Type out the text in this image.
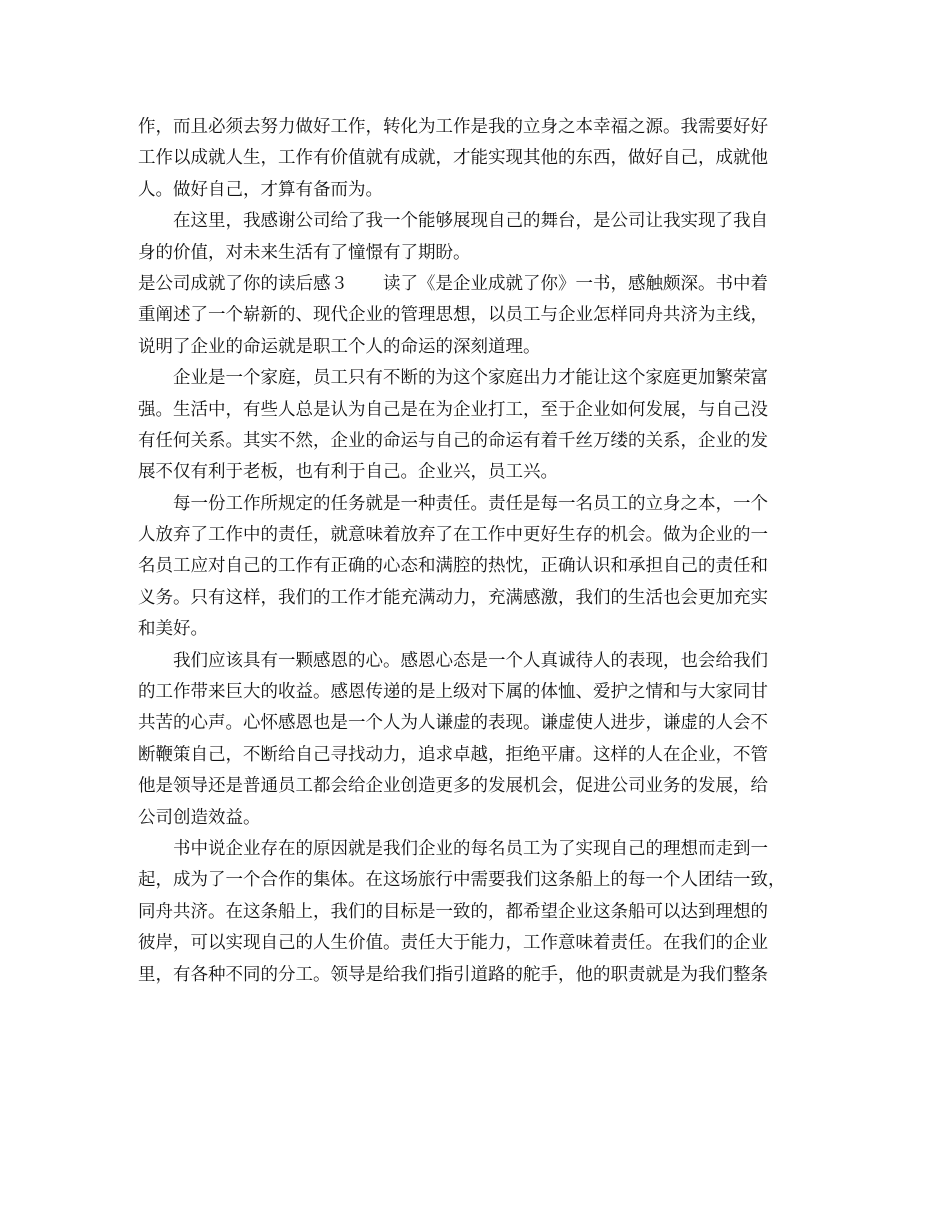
作，而且必须去努力做好工作，转化为工作是我的立身之本幸福之源。我需要好好
工作以成就人生，工作有价值就有成就，才能实现其他的东西，做好自己，成就他
人。做好自己，才算有备而为。
　　在这里，我感谢公司给了我一个能够展现自己的舞台，是公司让我实现了我自
身的价值，对未来生活有了憧憬有了期盼。
是公司成就了你的读后感３　　读了《是企业成就了你》一书，感触颇深。书中着
重阐述了一个崭新的、现代企业的管理思想，以员工与企业怎样同舟共济为主线，
说明了企业的命运就是职工个人的命运的深刻道理。
　　企业是一个家庭，员工只有不断的为这个家庭出力才能让这个家庭更加繁荣富
强。生活中，有些人总是认为自己是在为企业打工，至于企业如何发展，与自己没
有任何关系。其实不然，企业的命运与自己的命运有着千丝万缕的关系，企业的发
展不仅有利于老板，也有利于自己。企业兴，员工兴。
　　每一份工作所规定的任务就是一种责任。责任是每一名员工的立身之本，一个
人放弃了工作中的责任，就意味着放弃了在工作中更好生存的机会。做为企业的一
名员工应对自己的工作有正确的心态和满腔的热忱，正确认识和承担自己的责任和
义务。只有这样，我们的工作才能充满动力，充满感激，我们的生活也会更加充实
和美好。
　　我们应该具有一颗感恩的心。感恩心态是一个人真诚待人的表现，也会给我们
的工作带来巨大的收益。感恩传递的是上级对下属的体恤、爱护之情和与大家同甘
共苦的心声。心怀感恩也是一个人为人谦虚的表现。谦虚使人进步，谦虚的人会不
断鞭策自己，不断给自己寻找动力，追求卓越，拒绝平庸。这样的人在企业，不管
他是领导还是普通员工都会给企业创造更多的发展机会，促进公司业务的发展，给
公司创造效益。
　　书中说企业存在的原因就是我们企业的每名员工为了实现自己的理想而走到一
起，成为了一个合作的集体。在这场旅行中需要我们这条船上的每一个人团结一致，
同舟共济。在这条船上，我们的目标是一致的，都希望企业这条船可以达到理想的
彼岸，可以实现自己的人生价值。责任大于能力，工作意味着责任。在我们的企业
里，有各种不同的分工。领导是给我们指引道路的舵手，他的职责就是为我们整条
